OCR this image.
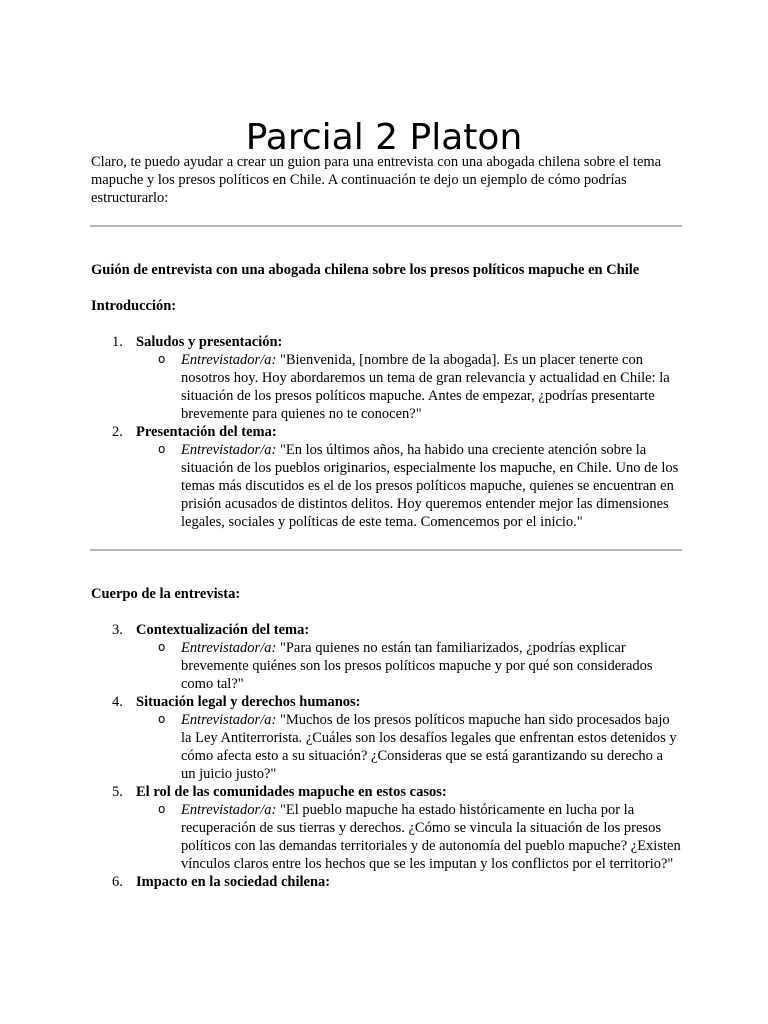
Parcial 2 Platon

Claro, te puedo ayudar a crear un guion para una entrevista con una abogada chilena sobre el tema mapuche y los presos políticos en Chile. A continuación te dejo un ejemplo de cómo podrías estructurarlo:

Guión de entrevista con una abogada chilena sobre los presos políticos mapuche en Chile

Introducción:

1. Saludos y presentación:
o Entrevistador/a: "Bienvenida, [nombre de la abogada]. Es un placer tenerte con nosotros hoy. Hoy abordaremos un tema de gran relevancia y actualidad en Chile: la situación de los presos políticos mapuche. Antes de empezar, ¿podrías presentarte brevemente para quienes no te conocen?"
2. Presentación del tema:
o Entrevistador/a: "En los últimos años, ha habido una creciente atención sobre la situación de los pueblos originarios, especialmente los mapuche, en Chile. Uno de los temas más discutidos es el de los presos políticos mapuche, quienes se encuentran en prisión acusados de distintos delitos. Hoy queremos entender mejor las dimensiones legales, sociales y políticas de este tema. Comencemos por el inicio."

Cuerpo de la entrevista:

3. Contextualización del tema:
o Entrevistador/a: "Para quienes no están tan familiarizados, ¿podrías explicar brevemente quiénes son los presos políticos mapuche y por qué son considerados como tal?"
4. Situación legal y derechos humanos:
o Entrevistador/a: "Muchos de los presos políticos mapuche han sido procesados bajo la Ley Antiterrorista. ¿Cuáles son los desafíos legales que enfrentan estos detenidos y cómo afecta esto a su situación? ¿Consideras que se está garantizando su derecho a un juicio justo?"
5. El rol de las comunidades mapuche en estos casos:
o Entrevistador/a: "El pueblo mapuche ha estado históricamente en lucha por la recuperación de sus tierras y derechos. ¿Cómo se vincula la situación de los presos políticos con las demandas territoriales y de autonomía del pueblo mapuche? ¿Existen vínculos claros entre los hechos que se les imputan y los conflictos por el territorio?"
6. Impacto en la sociedad chilena:
